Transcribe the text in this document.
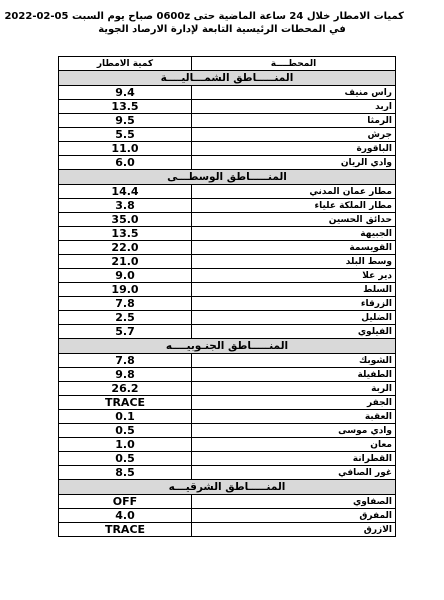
كميات الامطار خلال 24 ساعة الماضية حتى 0600z صباح يوم السبت 05-02-2022
في المحطات الرئيسية التابعة لإدارة الارصاد الجوية
كمية الامطار	المحطــــة
المنـــــاطق الشمـــاليــــة	
9.4	راس منيف
13.5	اربد
9.5	الرمثا
5.5	جرش
11.0	الباقورة
6.0	وادي الريان
المنـــــاطق الوسطـــى	
14.4	مطار عمان المدني
3.8	مطار الملكة علياء
35.0	حدائق الحسين
13.5	الجبيهة
22.0	القويسمة
21.0	وسط البلد
9.0	دير علا
19.0	السلط
7.8	الزرقاء
2.5	الضليل
5.7	الفيلوي
المنـــــاطق الجنـوبيــــه	
7.8	الشوبك
9.8	الطفيلة
26.2	الربة
TRACE	الجفر
0.1	العقبة
0.5	وادي موسى
1.0	معان
0.5	القطرانة
8.5	غور الصافي
المنـــــاطق الشرقيـــه	
OFF	الصفاوي
4.0	المفرق
TRACE	الازرق
